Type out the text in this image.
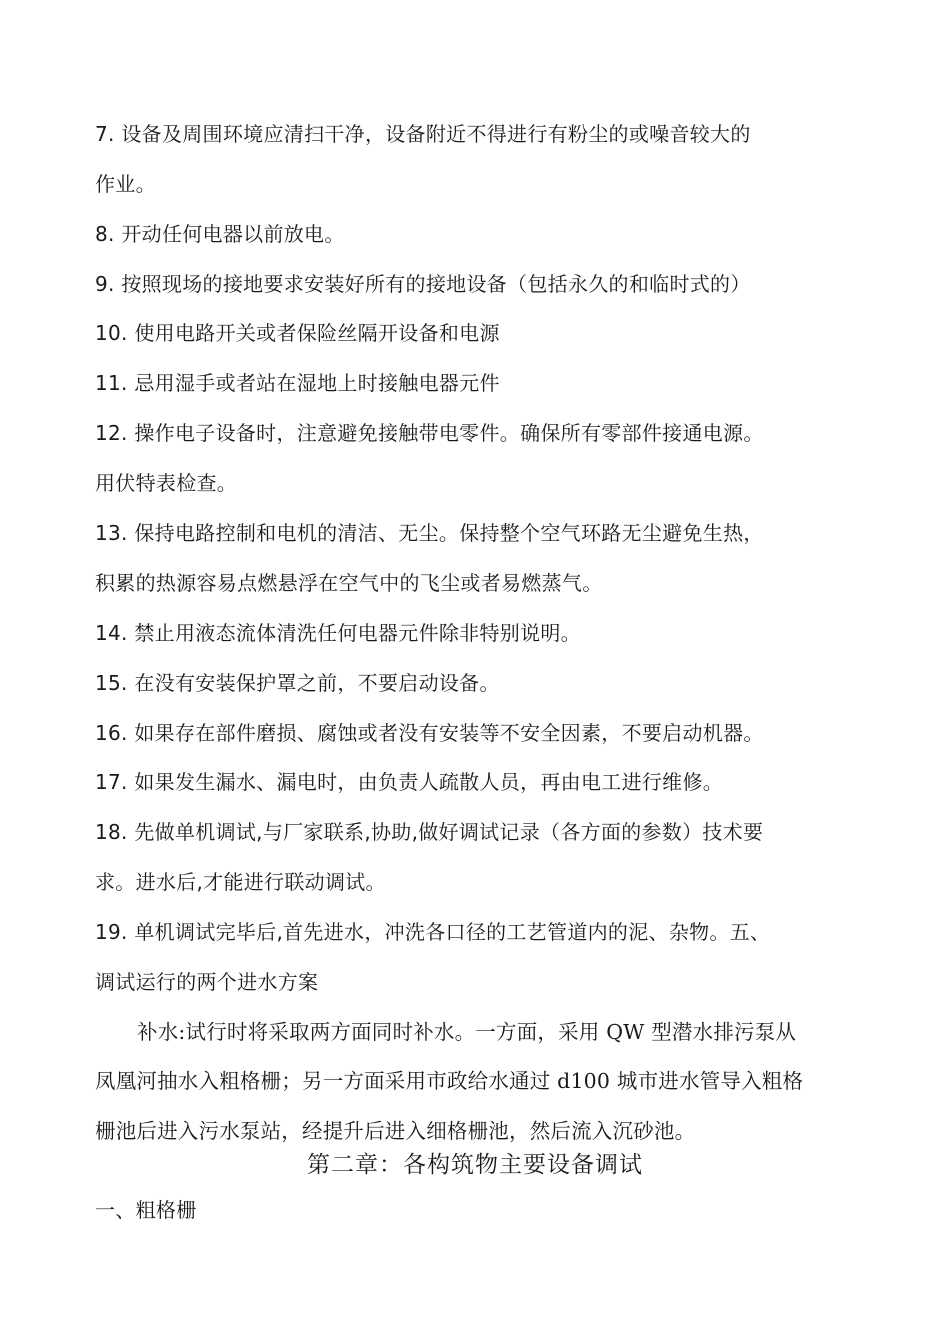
7. 设备及周围环境应清扫干净，设备附近不得进行有粉尘的或噪音较大的
作业。
8. 开动任何电器以前放电。
9. 按照现场的接地要求安装好所有的接地设备（包括永久的和临时式的）
10. 使用电路开关或者保险丝隔开设备和电源
11. 忌用湿手或者站在湿地上时接触电器元件
12. 操作电子设备时，注意避免接触带电零件。确保所有零部件接通电源。
用伏特表检查。
13. 保持电路控制和电机的清洁、无尘。保持整个空气环路无尘避免生热，
积累的热源容易点燃悬浮在空气中的飞尘或者易燃蒸气。
14. 禁止用液态流体清洗任何电器元件除非特别说明。
15. 在没有安装保护罩之前，不要启动设备。
16. 如果存在部件磨损、腐蚀或者没有安装等不安全因素，不要启动机器。
17. 如果发生漏水、漏电时，由负责人疏散人员，再由电工进行维修。
18. 先做单机调试,与厂家联系,协助,做好调试记录（各方面的参数）技术要
求。进水后,才能进行联动调试。
19. 单机调试完毕后,首先进水，冲洗各口径的工艺管道内的泥、杂物。五、
调试运行的两个进水方案
补水:试行时将采取两方面同时补水。一方面，采用 QW 型潜水排污泵从
凤凰河抽水入粗格栅；另一方面采用市政给水通过 d100 城市进水管导入粗格
栅池后进入污水泵站，经提升后进入细格栅池，然后流入沉砂池。
第二章：各构筑物主要设备调试
一、粗格栅
